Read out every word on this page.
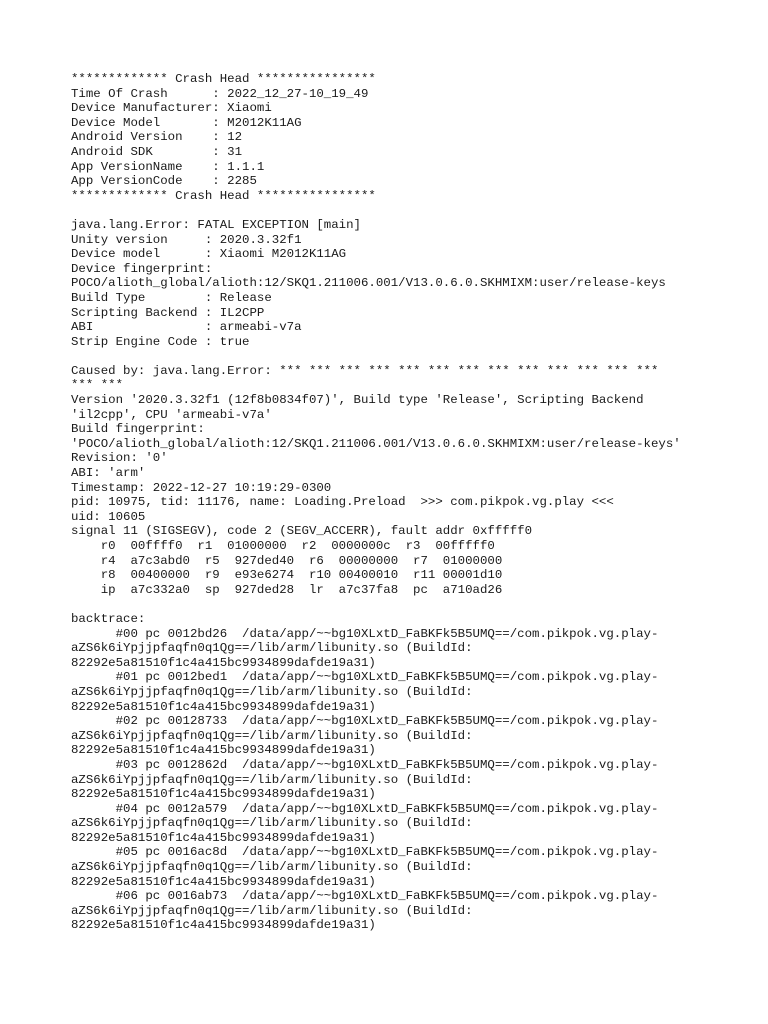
************* Crash Head ****************
Time Of Crash      : 2022_12_27-10_19_49
Device Manufacturer: Xiaomi
Device Model       : M2012K11AG
Android Version    : 12
Android SDK        : 31
App VersionName    : 1.1.1
App VersionCode    : 2285
************* Crash Head ****************
java.lang.Error: FATAL EXCEPTION [main]
Unity version     : 2020.3.32f1
Device model      : Xiaomi M2012K11AG
Device fingerprint:
POCO/alioth_global/alioth:12/SKQ1.211006.001/V13.0.6.0.SKHMIXM:user/release-keys
Build Type        : Release
Scripting Backend : IL2CPP
ABI               : armeabi-v7a
Strip Engine Code : true
Caused by: java.lang.Error: *** *** *** *** *** *** *** *** *** *** *** *** ***
*** ***
Version '2020.3.32f1 (12f8b0834f07)', Build type 'Release', Scripting Backend
'il2cpp', CPU 'armeabi-v7a'
Build fingerprint:
'POCO/alioth_global/alioth:12/SKQ1.211006.001/V13.0.6.0.SKHMIXM:user/release-keys'
Revision: '0'
ABI: 'arm'
Timestamp: 2022-12-27 10:19:29-0300
pid: 10975, tid: 11176, name: Loading.Preload  >>> com.pikpok.vg.play <<<
uid: 10605
signal 11 (SIGSEGV), code 2 (SEGV_ACCERR), fault addr 0xfffff0
r0  00ffff0  r1  01000000  r2  0000000c  r3  00fffff0
r4  a7c3abd0  r5  927ded40  r6  00000000  r7  01000000
r8  00400000  r9  e93e6274  r10 00400010  r11 00001d10
ip  a7c332a0  sp  927ded28  lr  a7c37fa8  pc  a710ad26
backtrace:
#00 pc 0012bd26  /data/app/~~bg10XLxtD_FaBKFk5B5UMQ==/com.pikpok.vg.play-
aZS6k6iYpjjpfaqfn0q1Qg==/lib/arm/libunity.so (BuildId:
82292e5a81510f1c4a415bc9934899dafde19a31)
#01 pc 0012bed1  /data/app/~~bg10XLxtD_FaBKFk5B5UMQ==/com.pikpok.vg.play-
aZS6k6iYpjjpfaqfn0q1Qg==/lib/arm/libunity.so (BuildId:
82292e5a81510f1c4a415bc9934899dafde19a31)
#02 pc 00128733  /data/app/~~bg10XLxtD_FaBKFk5B5UMQ==/com.pikpok.vg.play-
aZS6k6iYpjjpfaqfn0q1Qg==/lib/arm/libunity.so (BuildId:
82292e5a81510f1c4a415bc9934899dafde19a31)
#03 pc 0012862d  /data/app/~~bg10XLxtD_FaBKFk5B5UMQ==/com.pikpok.vg.play-
aZS6k6iYpjjpfaqfn0q1Qg==/lib/arm/libunity.so (BuildId:
82292e5a81510f1c4a415bc9934899dafde19a31)
#04 pc 0012a579  /data/app/~~bg10XLxtD_FaBKFk5B5UMQ==/com.pikpok.vg.play-
aZS6k6iYpjjpfaqfn0q1Qg==/lib/arm/libunity.so (BuildId:
82292e5a81510f1c4a415bc9934899dafde19a31)
#05 pc 0016ac8d  /data/app/~~bg10XLxtD_FaBKFk5B5UMQ==/com.pikpok.vg.play-
aZS6k6iYpjjpfaqfn0q1Qg==/lib/arm/libunity.so (BuildId:
82292e5a81510f1c4a415bc9934899dafde19a31)
#06 pc 0016ab73  /data/app/~~bg10XLxtD_FaBKFk5B5UMQ==/com.pikpok.vg.play-
aZS6k6iYpjjpfaqfn0q1Qg==/lib/arm/libunity.so (BuildId:
82292e5a81510f1c4a415bc9934899dafde19a31)
